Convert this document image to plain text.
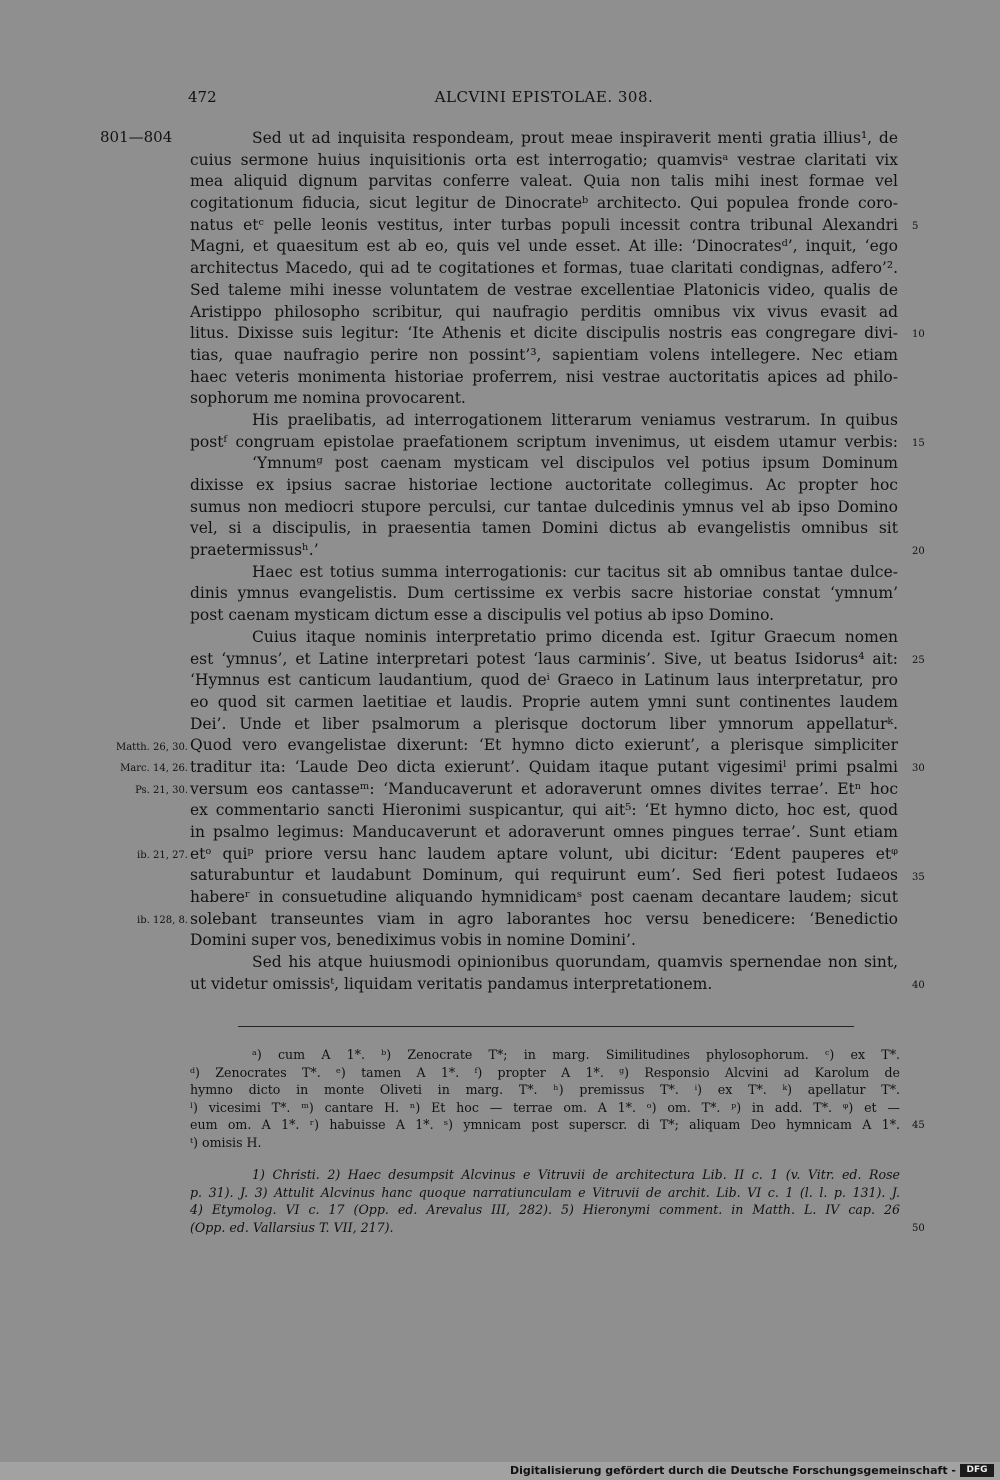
472	ALCVINI EPISTOLAE. 308.
801—804	Sed ut ad inquisita respondeam, prout meae inspiraverit menti gratia illius¹, de
cuius sermone huius inquisitionis orta est interrogatio; quamvisᵃ vestrae claritati vix
mea aliquid dignum parvitas conferre valeat. Quia non talis mihi inest formae vel
cogitationum fiducia, sicut legitur de Dinocrateᵇ architecto. Qui populea fronde coro-
natus etᶜ pelle leonis vestitus, inter turbas populi incessit contra tribunal Alexandri
Magni, et quaesitum est ab eo, quis vel unde esset. At ille: ‘Dinocratesᵈ’, inquit, ‘ego
architectus Macedo, qui ad te cogitationes et formas, tuae claritati condignas, adfero’².
Sed taleme mihi inesse voluntatem de vestrae excellentiae Platonicis video, qualis de
Aristippo philosopho scribitur, qui naufragio perditis omnibus vix vivus evasit ad
litus. Dixisse suis legitur: ‘Ite Athenis et dicite discipulis nostris eas congregare divi-
tias, quae naufragio perire non possint’³, sapientiam volens intellegere. Nec etiam
haec veteris monimenta historiae proferrem, nisi vestrae auctoritatis apices ad philo-
sophorum me nomina provocarent.
His praelibatis, ad interrogationem litterarum veniamus vestrarum. In quibus
postᶠ congruam epistolae praefationem scriptum invenimus, ut eisdem utamur verbis:
‘Ymnumᵍ post caenam mysticam vel discipulos vel potius ipsum Dominum
dixisse ex ipsius sacrae historiae lectione auctoritate collegimus. Ac propter hoc
sumus non mediocri stupore perculsi, cur tantae dulcedinis ymnus vel ab ipso Domino
vel, si a discipulis, in praesentia tamen Domini dictus ab evangelistis omnibus sit
praetermissusʰ.’
Haec est totius summa interrogationis: cur tacitus sit ab omnibus tantae dulce-
dinis ymnus evangelistis. Dum certissime ex verbis sacre historiae constat ‘ymnum’
post caenam mysticam dictum esse a discipulis vel potius ab ipso Domino.
Cuius itaque nominis interpretatio primo dicenda est. Igitur Graecum nomen
est ‘ymnus’, et Latine interpretari potest ‘laus carminis’. Sive, ut beatus Isidorus⁴ ait:
‘Hymnus est canticum laudantium, quod deⁱ Graeco in Latinum laus interpretatur, pro
eo quod sit carmen laetitiae et laudis. Proprie autem ymni sunt continentes laudem
Dei’. Unde et liber psalmorum a plerisque doctorum liber ymnorum appellaturᵏ.
Quod vero evangelistae dixerunt: ‘Et hymno dicto exierunt’, a plerisque simpliciter
traditur ita: ‘Laude Deo dicta exierunt’. Quidam itaque putant vigesimiˡ primi psalmi
versum eos cantasseᵐ: ‘Manducaverunt et adoraverunt omnes divites terrae’. Etⁿ hoc
ex commentario sancti Hieronimi suspicantur, qui ait⁵: ‘Et hymno dicto, hoc est, quod
in psalmo legimus: Manducaverunt et adoraverunt omnes pingues terrae’. Sunt etiam
etᵒ quiᵖ priore versu hanc laudem aptare volunt, ubi dicitur: ‘Edent pauperes etᵠ
saturabuntur et laudabunt Dominum, qui requirunt eum’. Sed fieri potest Iudaeos
habereʳ in consuetudine aliquando hymnidicamˢ post caenam decantare laudem; sicut
solebant transeuntes viam in agro laborantes hoc versu benedicere: ‘Benedictio
Domini super vos, benediximus vobis in nomine Domini’.
Sed his atque huiusmodi opinionibus quorundam, quamvis spernendae non sint,
ut videtur omissisᵗ, liquidam veritatis pandamus interpretationem.
5
10
15
20
25
30
35
40
Matth. 26, 30.
Marc. 14, 26.
Ps. 21, 30.
ib. 21, 27.
ib. 128, 8.
ᵃ) cum A 1*. ᵇ) Zenocrate T*; in marg. Similitudines phylosophorum. ᶜ) ex T*.
ᵈ) Zenocrates T*. ᵉ) tamen A 1*. ᶠ) propter A 1*. ᵍ) Responsio Alcvini ad Karolum de
hymno dicto in monte Oliveti in marg. T*. ʰ) premissus T*. ⁱ) ex T*. ᵏ) apellatur T*.
ˡ) vicesimi T*. ᵐ) cantare H. ⁿ) Et hoc — terrae om. A 1*. ᵒ) om. T*. ᵖ) in add. T*. ᵠ) et —
eum om. A 1*. ʳ) habuisse A 1*. ˢ) ymnicam post superscr. di T*; aliquam Deo hymnicam A 1*.
ᵗ) omisis H.
1) Christi. 2) Haec desumpsit Alcvinus e Vitruvii de architectura Lib. II c. 1 (v. Vitr. ed. Rose
p. 31). J. 3) Attulit Alcvinus hanc quoque narratiunculam e Vitruvii de archit. Lib. VI c. 1 (l. l. p. 131). J.
4) Etymolog. VI c. 17 (Opp. ed. Arevalus III, 282). 5) Hieronymi comment. in Matth. L. IV cap. 26
(Opp. ed. Vallarsius T. VII, 217).
45
50
Digitalisierung gefördert durch die Deutsche Forschungsgemeinschaft -	DFG
